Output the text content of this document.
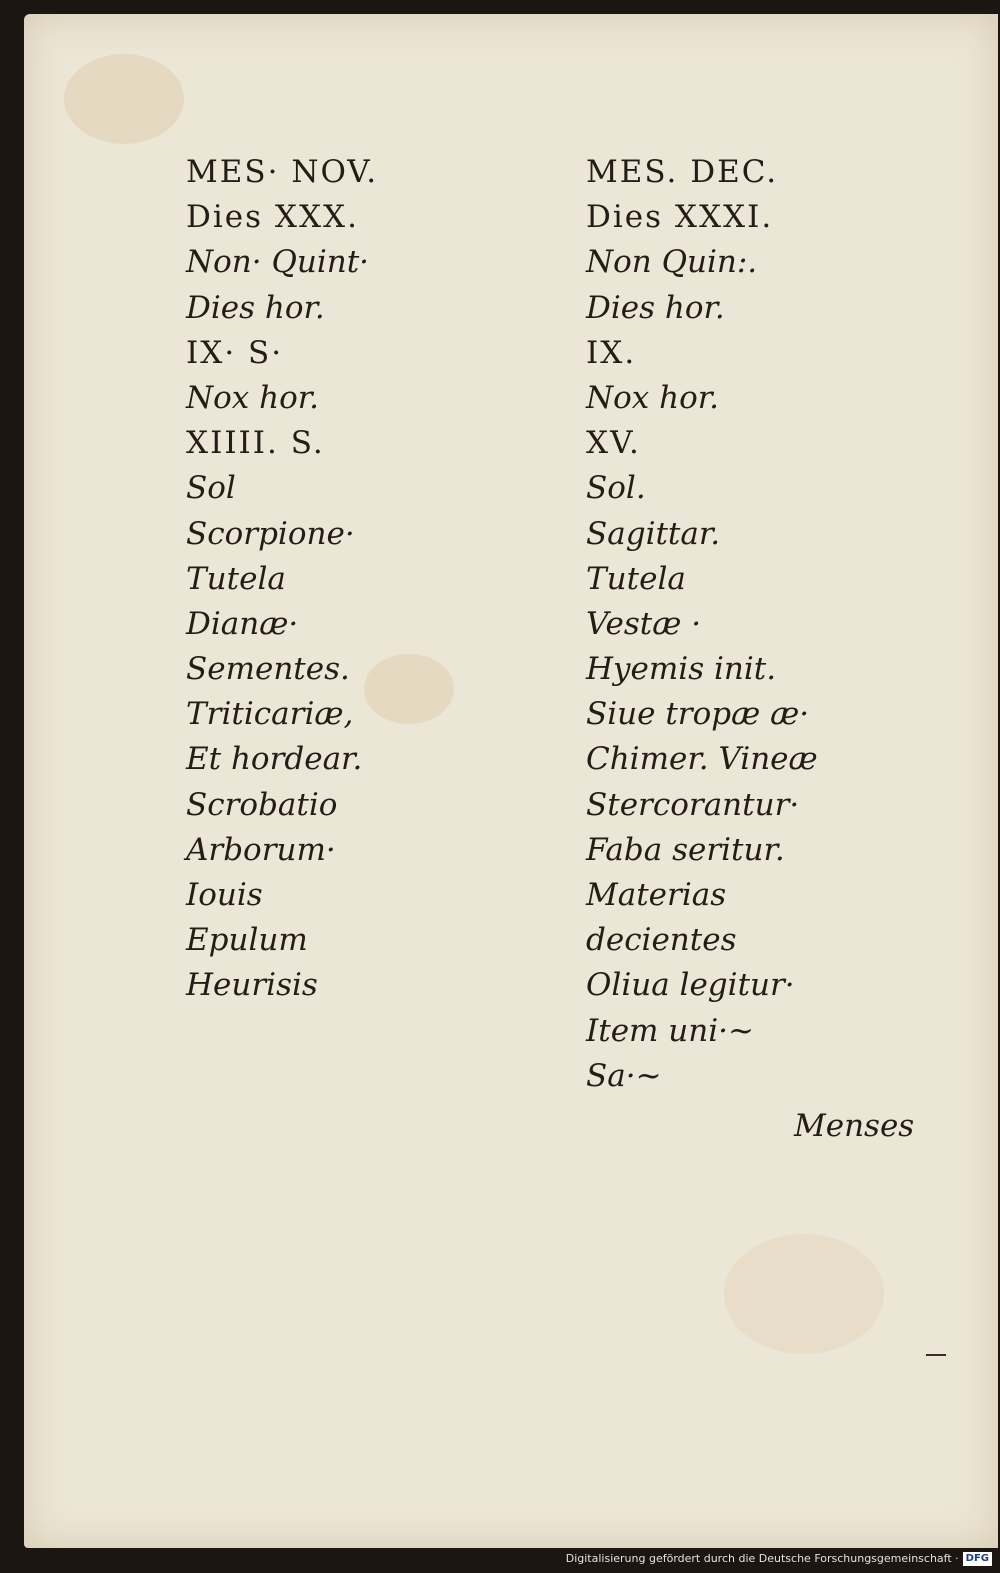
MES· NOV.
Dies XXX.
Non· Quint·
Dies hor.
IX· S·
Nox hor.
XIIII. S.
Sol
Scorpione·
Tutela
Dianæ·
Sementes.
Triticariæ,
Et hordear.
Scrobatio
Arborum·
Iouis
Epulum
Heurisis
MES. DEC.
Dies XXXI.
Non Quin:.
Dies hor.
IX.
Nox hor.
XV.
Sol.
Sagittar.
Tutela
Vestæ ·
Hyemis init.
Siue tropæ æ·
Chimer. Vineæ
Stercorantur·
Faba seritur.
Materias
decientes
Oliua legitur·
Item uni·~
Sa·~
Menses
Digitalisierung gefördert durch die Deutsche Forschungsgemeinschaft · DFG
